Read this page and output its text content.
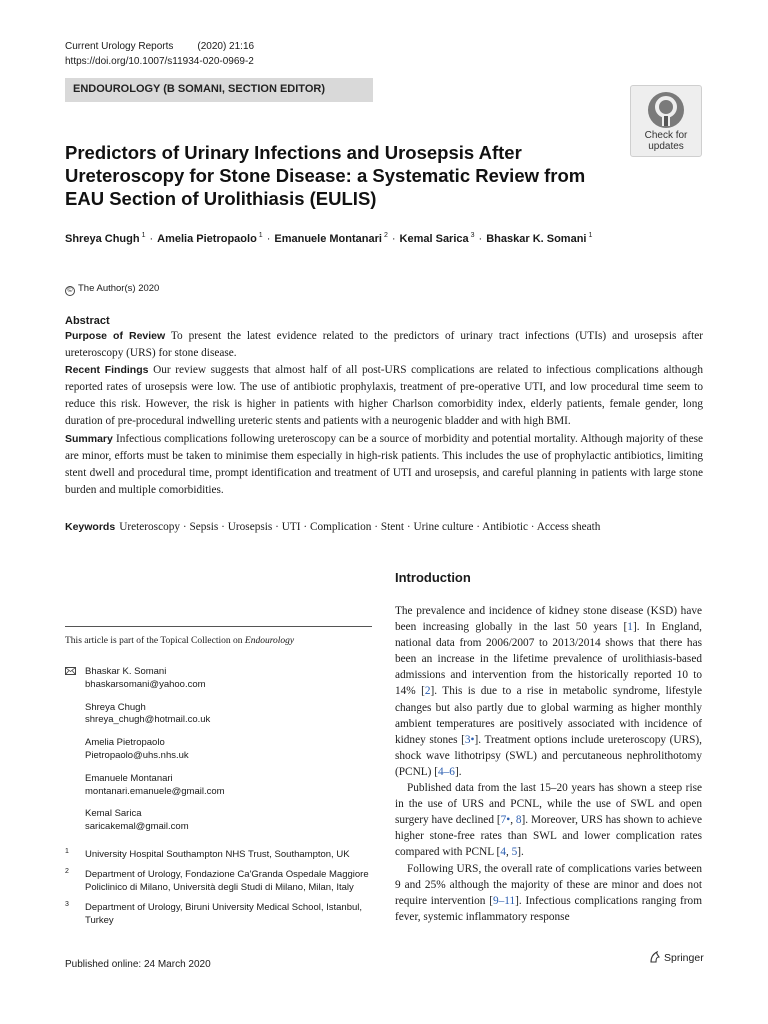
Current Urology Reports (2020) 21:16
https://doi.org/10.1007/s11934-020-0969-2
ENDOUROLOGY (B SOMANI, SECTION EDITOR)
Check for
updates
Predictors of Urinary Infections and Urosepsis After Ureteroscopy for Stone Disease: a Systematic Review from EAU Section of Urolithiasis (EULIS)
Shreya Chugh $^1$ · Amelia Pietropaolo $^1$ · Emanuele Montanari $^2$ · Kemal Sarica $^3$ · Bhaskar K. Somani $^1$
© The Author(s) 2020
Abstract

Purpose of Review To present the latest evidence related to the predictors of urinary tract infections (UTIs) and urosepsis after ureteroscopy (URS) for stone disease.

Recent Findings Our review suggests that almost half of all post-URS complications are related to infectious complications although reported rates of urosepsis were low. The use of antibiotic prophylaxis, treatment of pre-operative UTI, and low procedural time seem to reduce this risk. However, the risk is higher in patients with higher Charlson comorbidity index, elderly patients, female gender, long duration of pre-procedural indwelling ureteric stents and patients with a neurogenic bladder and with high BMI.

Summary Infectious complications following ureteroscopy can be a source of morbidity and potential mortality. Although majority of these are minor, efforts must be taken to minimise them especially in high-risk patients. This includes the use of prophylactic antibiotics, limiting stent dwell and procedural time, prompt identification and treatment of UTI and urosepsis, and careful planning in patients with large stone burden and multiple comorbidities.

Keywords Ureteroscopy · Sepsis · Urosepsis · UTI · Complication · Stent · Urine culture · Antibiotic · Access sheath
This article is part of the Topical Collection on Endourology
Bhaskar K. Somani
bhaskarsomani@yahoo.com
Shreya Chugh
shreya_chugh@hotmail.co.uk
Amelia Pietropaolo
Pietropaolo@uhs.nhs.uk
Emanuele Montanari
montanari.emanuele@gmail.com
Kemal Sarica
saricakemal@gmail.com
1 University Hospital Southampton NHS Trust, Southampton, UK
2 Department of Urology, Fondazione Ca'Granda Ospedale Maggiore Policlinico di Milano, Università degli Studi di Milano, Milan, Italy
3 Department of Urology, Biruni University Medical School, Istanbul, Turkey
Introduction

The prevalence and incidence of kidney stone disease (KSD) have been increasing globally in the last 50 years [1]. In England, national data from 2006/2007 to 2013/2014 shows that there has been an increase in the lifetime prevalence of urolithiasis-based admissions and intervention from the historically reported 10 to 14% [2]. This is due to a rise in metabolic syndrome, lifestyle changes but also partly due to global warming as higher monthly ambient temperatures are positively associated with incidence of kidney stones [3•]. Treatment options include ureteroscopy (URS), shock wave lithotripsy (SWL) and percutaneous nephrolithotomy (PCNL) [4–6].

Published data from the last 15–20 years has shown a steep rise in the use of URS and PCNL, while the use of SWL and open surgery have declined [7•, 8]. Moreover, URS has shown to achieve higher stone-free rates than SWL and lower complication rates compared with PCNL [4, 5].

Following URS, the overall rate of complications varies between 9 and 25% although the majority of these are minor and does not require intervention [9–11]. Infectious complications ranging from fever, systemic inflammatory response

Published online: 24 March 2020
Springer
